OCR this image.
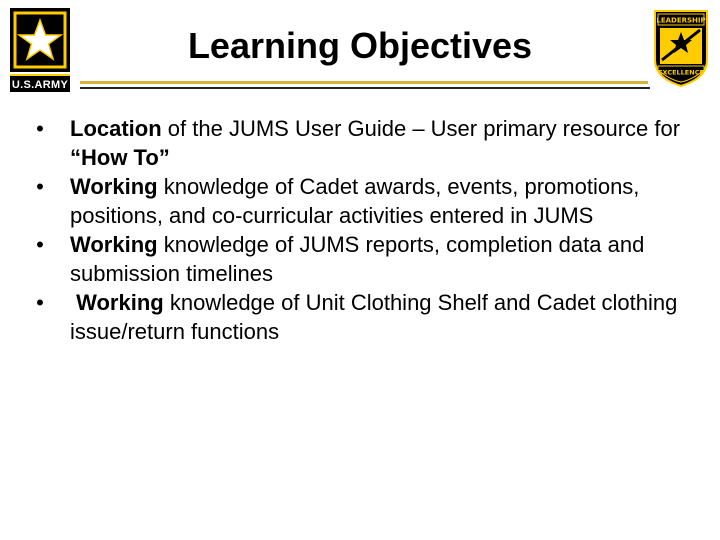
U.S.ARMY
Learning Objectives
LEADERSHIP
EXCELLENCE
• Location of the JUMS User Guide – User primary resource for “How To”
• Working knowledge of Cadet awards, events, promotions, positions, and co-curricular activities entered in JUMS
• Working knowledge of JUMS reports, completion data and submission timelines
• Working knowledge of Unit Clothing Shelf and Cadet clothing issue/return functions
